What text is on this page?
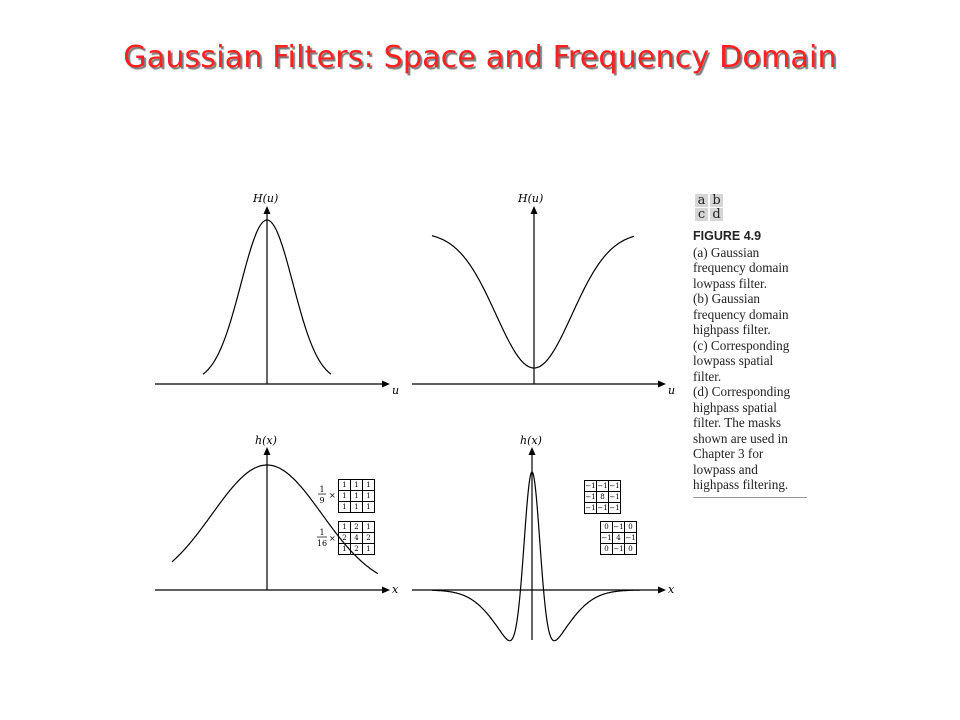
Gaussian Filters: Space and Frequency Domain
H(u)
u
H(u)
u
h(x)
x
h(x)
x
1
9
×
1
16
×
1	1	1
1	1	1
1	1	1
1	2	1
2	4	2
1	2	1
−1	−1	−1
−1	8	−1
−1	−1	−1
0	−1	0
−1	4	−1
0	−1	0
a b
c d
FIGURE 4.9
(a) Gaussian
frequency domain
lowpass filter.
(b) Gaussian
frequency domain
highpass filter.
(c) Corresponding
lowpass spatial
filter.
(d) Corresponding
highpass spatial
filter. The masks
shown are used in
Chapter 3 for
lowpass and
highpass filtering.
